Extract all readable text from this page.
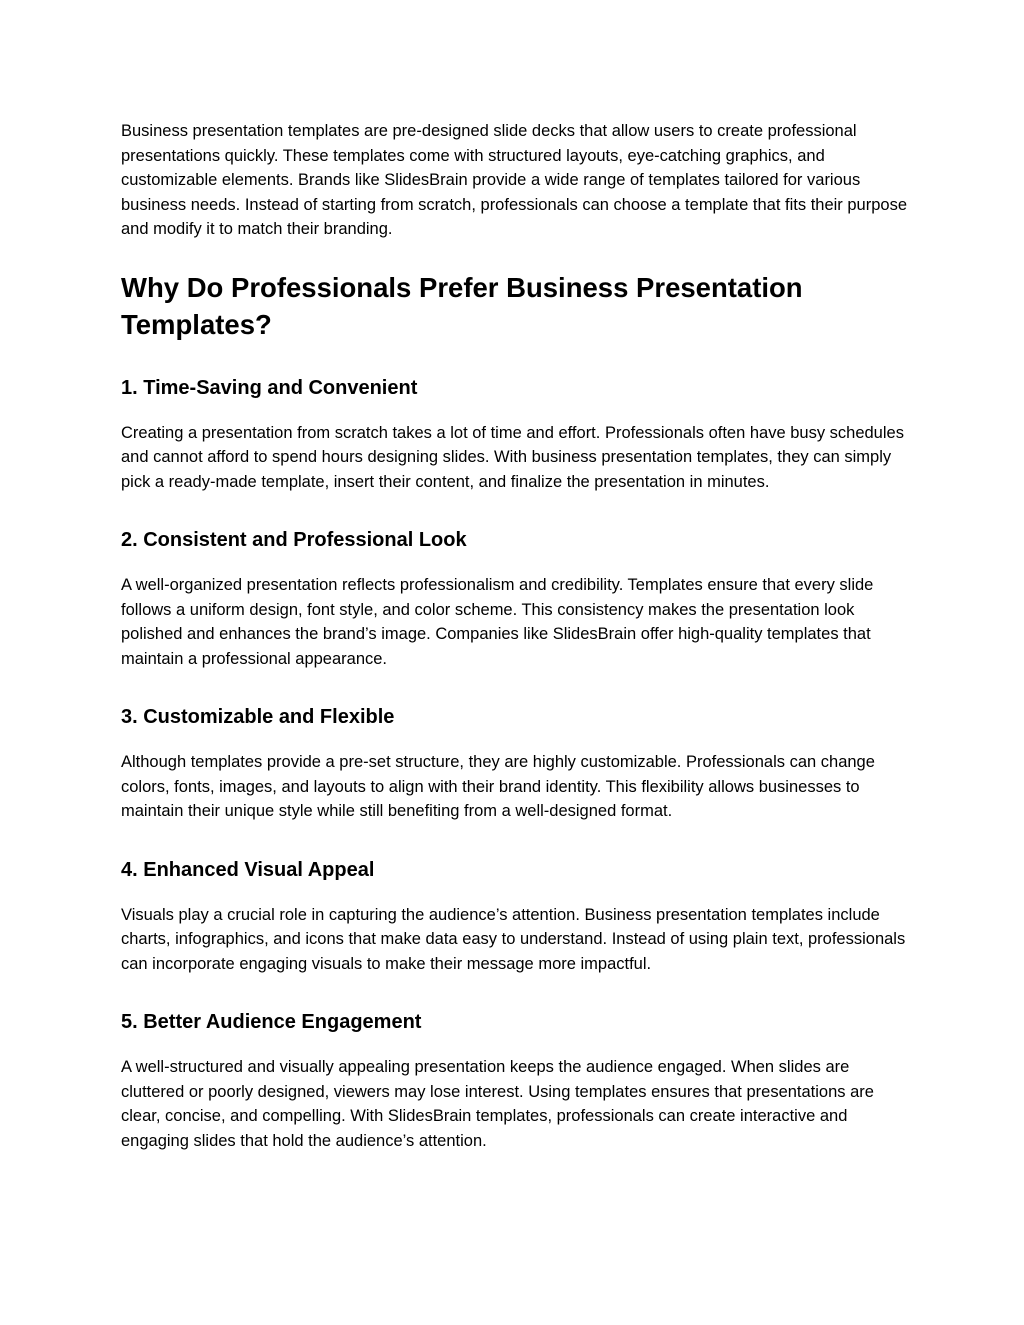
Business presentation templates are pre-designed slide decks that allow users to create professional presentations quickly. These templates come with structured layouts, eye-catching graphics, and customizable elements. Brands like SlidesBrain provide a wide range of templates tailored for various business needs. Instead of starting from scratch, professionals can choose a template that fits their purpose and modify it to match their branding.

Why Do Professionals Prefer Business Presentation Templates?
1. Time-Saving and Convenient

Creating a presentation from scratch takes a lot of time and effort. Professionals often have busy schedules and cannot afford to spend hours designing slides. With business presentation templates, they can simply pick a ready-made template, insert their content, and finalize the presentation in minutes.

2. Consistent and Professional Look

A well-organized presentation reflects professionalism and credibility. Templates ensure that every slide follows a uniform design, font style, and color scheme. This consistency makes the presentation look polished and enhances the brand’s image. Companies like SlidesBrain offer high-quality templates that maintain a professional appearance.

3. Customizable and Flexible

Although templates provide a pre-set structure, they are highly customizable. Professionals can change colors, fonts, images, and layouts to align with their brand identity. This flexibility allows businesses to maintain their unique style while still benefiting from a well-designed format.

4. Enhanced Visual Appeal

Visuals play a crucial role in capturing the audience’s attention. Business presentation templates include charts, infographics, and icons that make data easy to understand. Instead of using plain text, professionals can incorporate engaging visuals to make their message more impactful.

5. Better Audience Engagement

A well-structured and visually appealing presentation keeps the audience engaged. When slides are cluttered or poorly designed, viewers may lose interest. Using templates ensures that presentations are clear, concise, and compelling. With SlidesBrain templates, professionals can create interactive and engaging slides that hold the audience’s attention.
